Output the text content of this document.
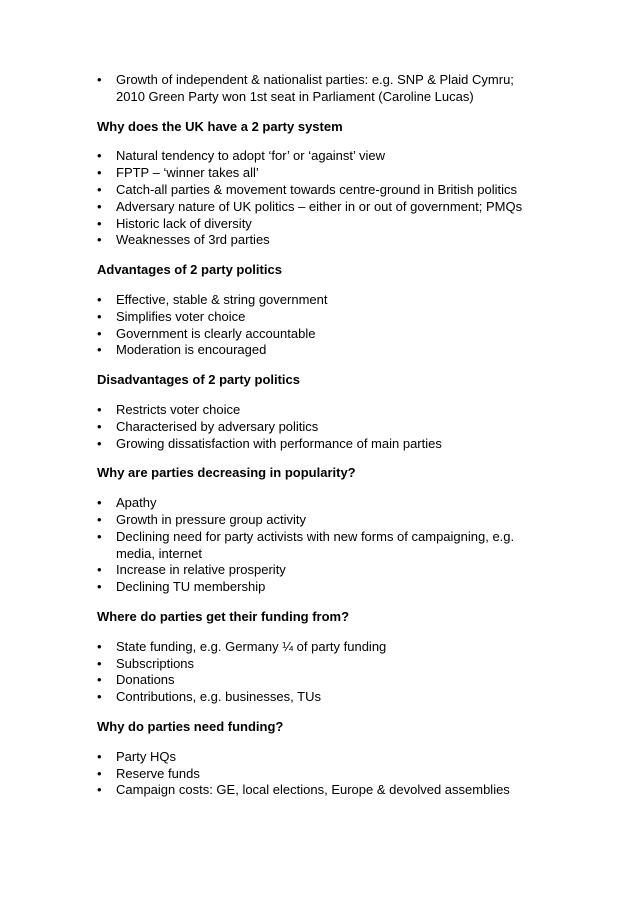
•	Growth of independent & nationalist parties: e.g. SNP & Plaid Cymru;
2010 Green Party won 1st seat in Parliament (Caroline Lucas)
Why does the UK have a 2 party system
•	Natural tendency to adopt ‘for’ or ‘against’ view
•	FPTP – ‘winner takes all’
•	Catch-all parties & movement towards centre-ground in British politics
•	Adversary nature of UK politics – either in or out of government; PMQs
•	Historic lack of diversity
•	Weaknesses of 3rd parties
Advantages of 2 party politics
•	Effective, stable & string government
•	Simplifies voter choice
•	Government is clearly accountable
•	Moderation is encouraged
Disadvantages of 2 party politics
•	Restricts voter choice
•	Characterised by adversary politics
•	Growing dissatisfaction with performance of main parties
Why are parties decreasing in popularity?
•	Apathy
•	Growth in pressure group activity
•	Declining need for party activists with new forms of campaigning, e.g.
media, internet
•	Increase in relative prosperity
•	Declining TU membership
Where do parties get their funding from?
•	State funding, e.g. Germany ¼ of party funding
•	Subscriptions
•	Donations
•	Contributions, e.g. businesses, TUs
Why do parties need funding?
•	Party HQs
•	Reserve funds
•	Campaign costs: GE, local elections, Europe & devolved assemblies
